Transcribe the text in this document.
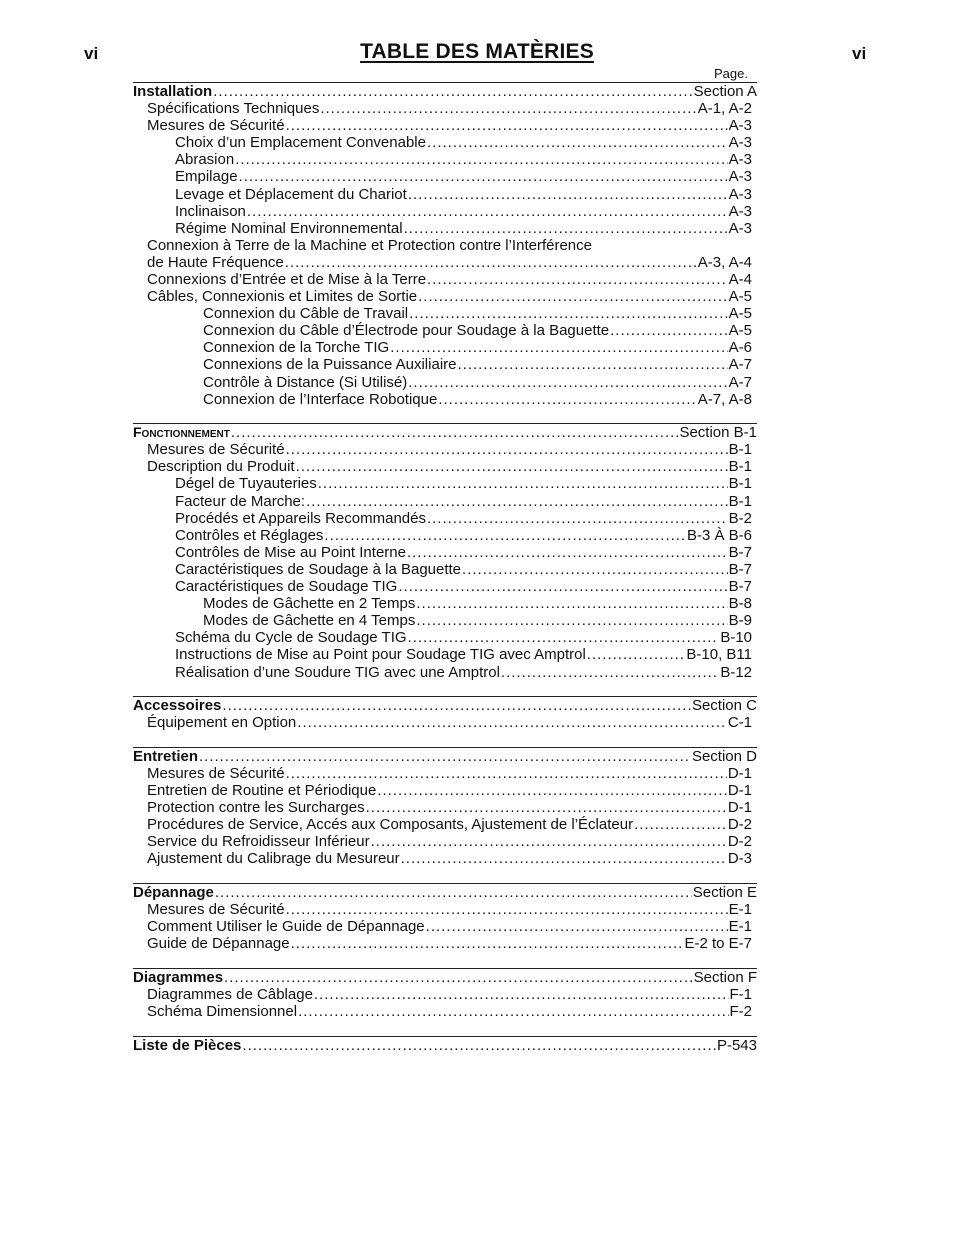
vi	TABLE DES MATÈRIES	vi
Page.
Installation .....	Section A
Spécifications Techniques .....	A-1, A-2
Mesures de Sécurité .....	.A-3
Choix d’un Emplacement Convenable .....	A-3
Abrasion .....	A-3
Empilage .....	A-3
Levage et Déplacement du Chariot .....	A-3
Inclinaison .....	A-3
Régime Nominal Environnemental .....	A-3
Connexion à Terre de la Machine et Protection contre l’Interférence
de Haute Fréquence .....	A-3, A-4
Connexions d’Entrée et de Mise à la Terre .....	A-4
Câbles, Connexionis et Limites de Sortie .....	A-5
Connexion du Câble de Travail .....	A-5
Connexion du Câble d’Électrode pour Soudage à la Baguette .....	A-5
Connexion de la Torche TIG .....	A-6
Connexions de la Puissance Auxiliaire .....	A-7
Contrôle à Distance (Si Utilisé) .....	A-7
Connexion de l’Interface Robotique .....	A-7, A-8
Fonctionnement .....	Section B-1
Mesures de Sécurité .....	B-1
Description du Produit .....	B-1
Dégel de Tuyauteries .....	B-1
Facteur de Marche: .....	B-1
Procédés et Appareils Recommandés .....	B-2
Contrôles et Réglages .....	B-3 À B-6
Contrôles de Mise au Point Interne .....	B-7
Caractéristiques de Soudage à la Baguette .....	B-7
Caractéristiques de Soudage TIG .....	B-7
Modes de Gâchette en 2 Temps .....	B-8
Modes de Gâchette en 4 Temps .....	B-9
Schéma du Cycle de Soudage TIG .....	B-10
Instructions de Mise au Point pour Soudage TIG avec Amptrol .....	B-10, B11
Réalisation d’une Soudure TIG avec une Amptrol .....	B-12
Accessoires .....	Section C
Équipement en Option .....	C-1
Entretien .....	Section D
Mesures de Sécurité .....	D-1
Entretien de Routine et Périodique .....	D-1
Protection contre les Surcharges .....	D-1
Procédures de Service, Accés aux Composants, Ajustement de l’Éclateur .....	D-2
Service du Refroidisseur Inférieur .....	D-2
Ajustement du Calibrage du Mesureur .....	D-3
Dépannage .....	Section E
Mesures de Sécurité .....	E-1
Comment Utiliser le Guide de Dépannage .....	E-1
Guide de Dépannage .....	E-2 to E-7
Diagrammes .....	Section F
Diagrammes de Câblage .....	F-1
Schéma Dimensionnel .....	F-2
Liste de Pièces .....	P-543
